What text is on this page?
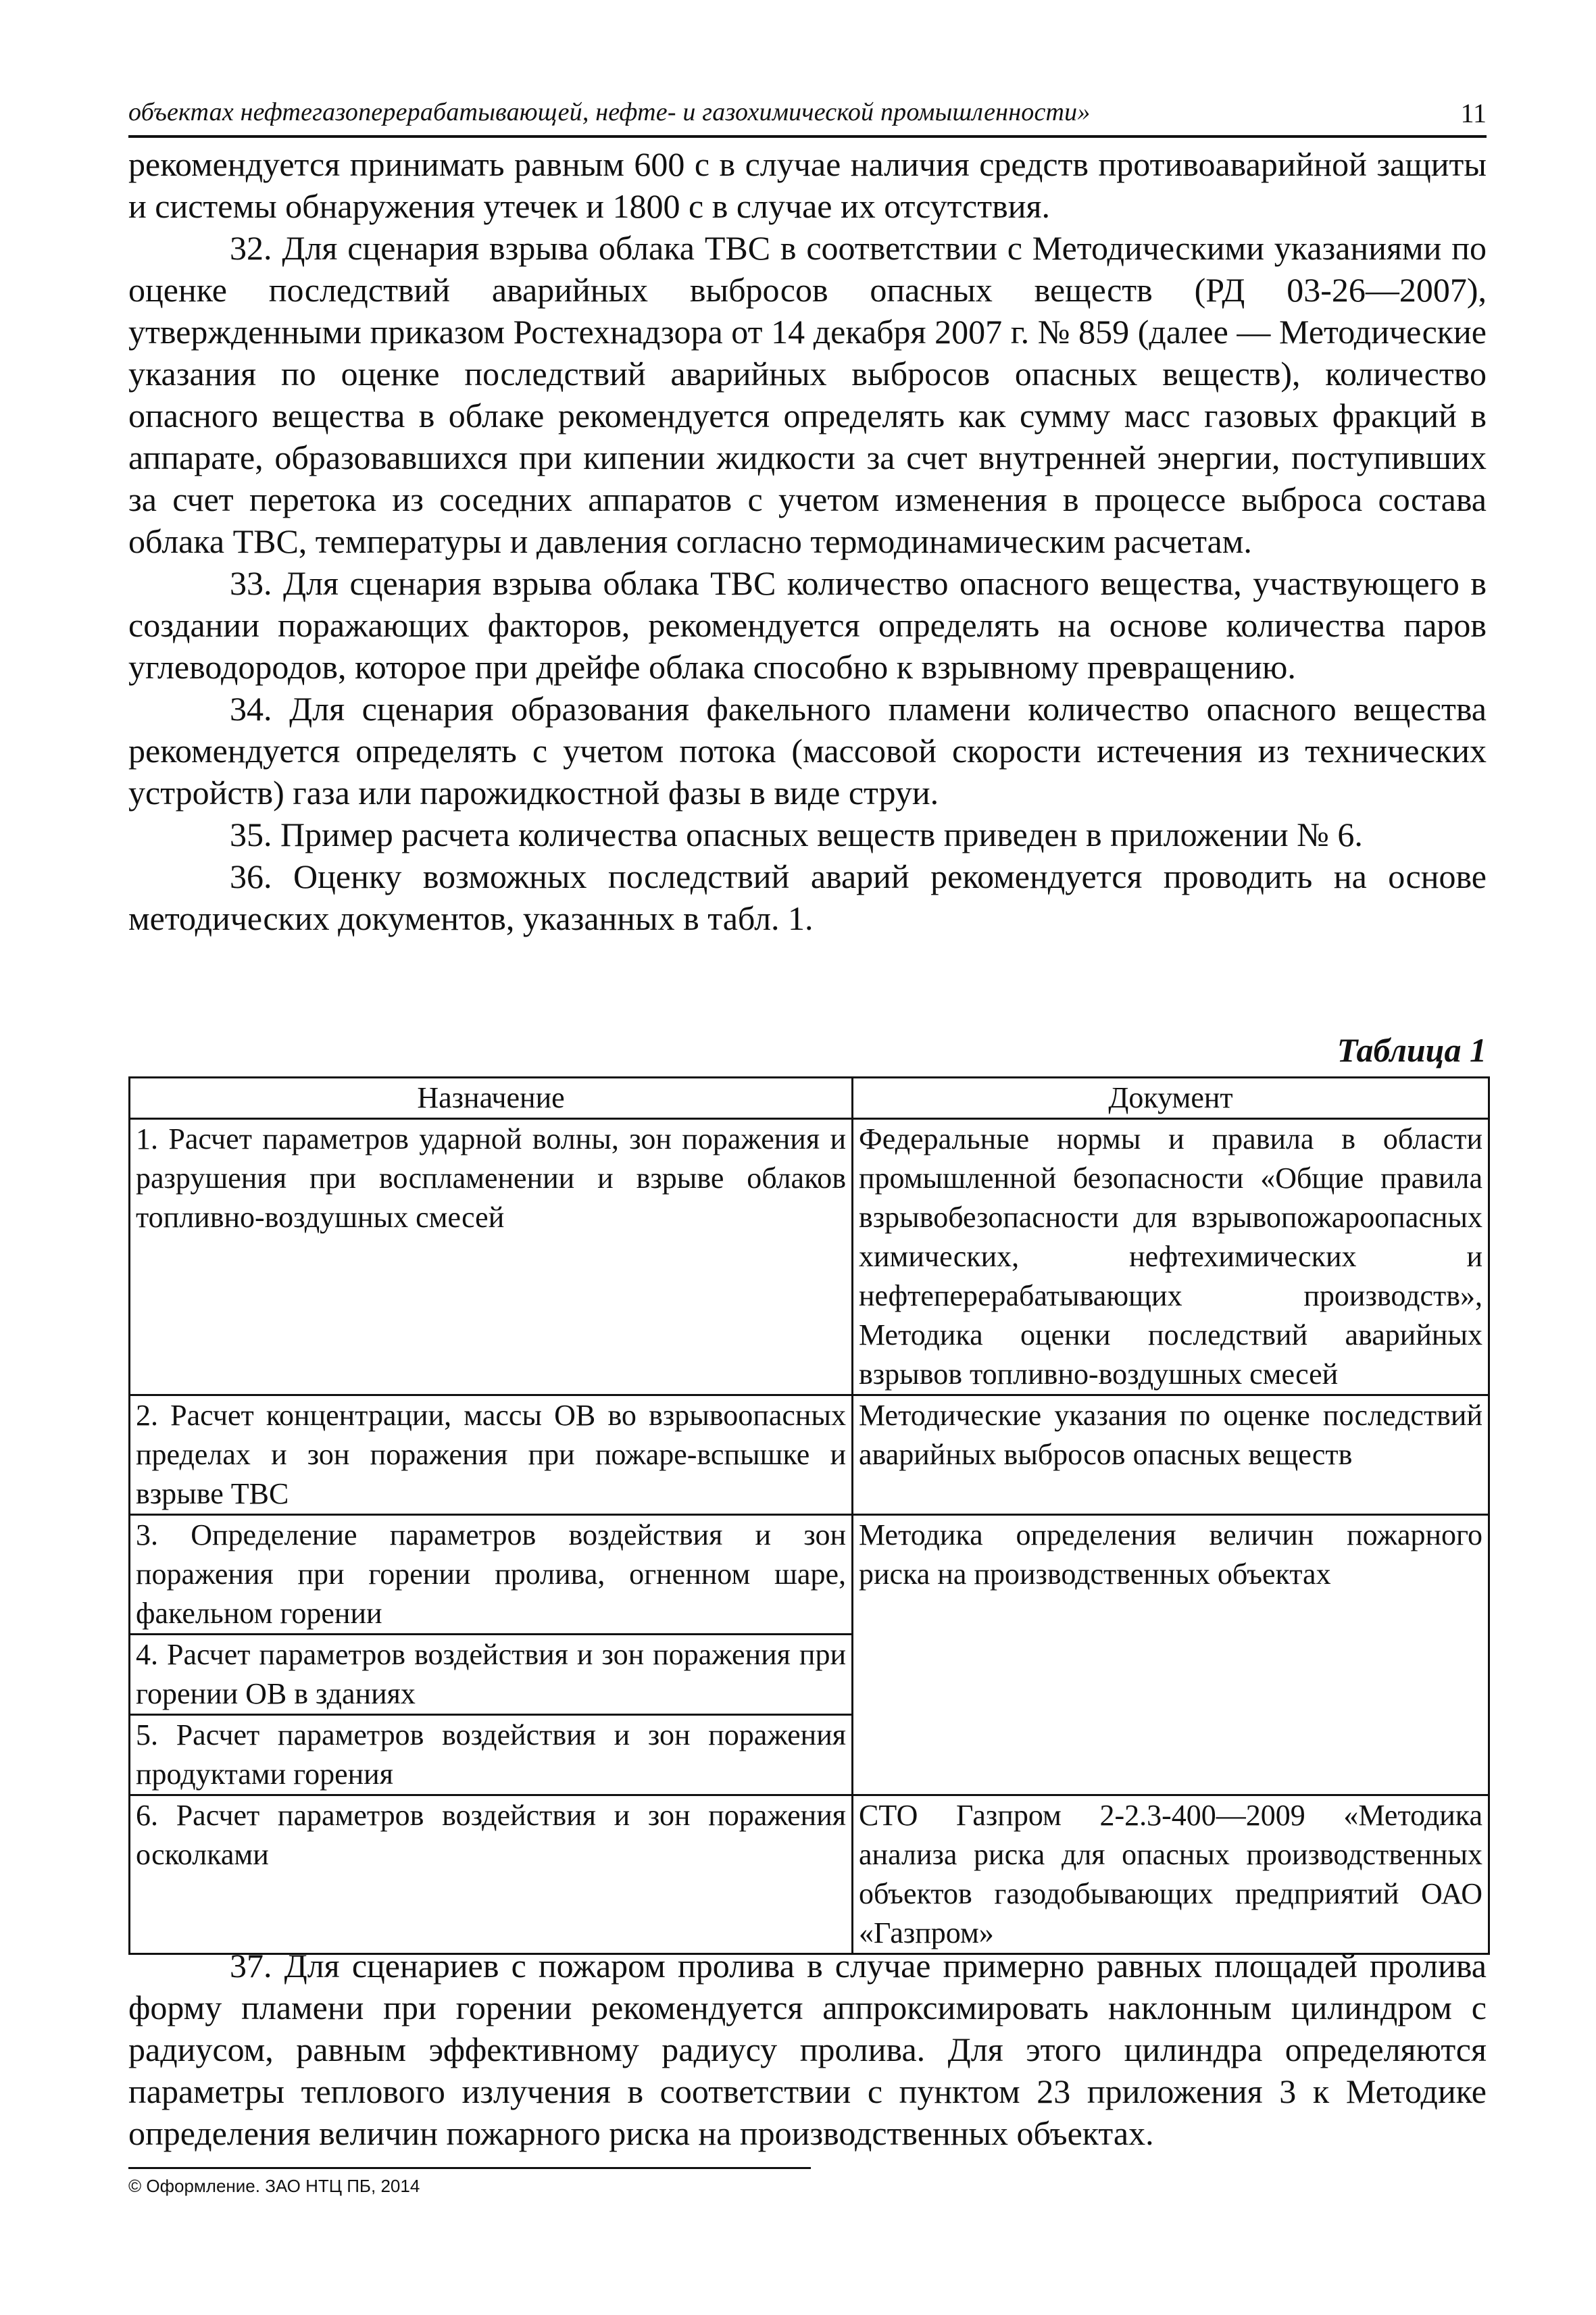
объектах нефтегазоперерабатывающей, нефте- и газохимической промышленности»	11

рекомендуется принимать равным 600 с в случае наличия средств противоаварийной защиты и системы обнаружения утечек и 1800 с в случае их отсутствия.

32. Для сценария взрыва облака ТВС в соответствии с Методическими указаниями по оценке последствий аварийных выбросов опасных веществ (РД 03-26—2007), утвержденными приказом Ростехнадзора от 14 декабря 2007 г. № 859 (далее — Методические указания по оценке последствий аварийных выбросов опасных веществ), количество опасного вещества в облаке рекомендуется определять как сумму масс газовых фракций в аппарате, образовавшихся при кипении жидкости за счет внутренней энергии, поступивших за счет перетока из соседних аппаратов с учетом изменения в процессе выброса состава облака ТВС, температуры и давления согласно термодинамическим расчетам.

33. Для сценария взрыва облака ТВС количество опасного вещества, участвующего в создании поражающих факторов, рекомендуется определять на основе количества паров углеводородов, которое при дрейфе облака способно к взрывному превращению.

34. Для сценария образования факельного пламени количество опасного вещества рекомендуется определять с учетом потока (массовой скорости истечения из технических устройств) газа или парожидкостной фазы в виде струи.

35. Пример расчета количества опасных веществ приведен в приложении № 6.

36. Оценку возможных последствий аварий рекомендуется проводить на основе методических документов, указанных в табл. 1.

Таблица 1
Назначение	Документ
1. Расчет параметров ударной волны, зон поражения и разрушения при воспламенении и взрыве облаков топливно-воздушных смесей	Федеральные нормы и правила в области промышленной безопасности «Общие правила взрывобезопасности для взрывопожароопасных химических, нефтехимических и нефтеперерабатывающих производств», Методика оценки последствий аварийных взрывов топливно-воздушных смесей
2. Расчет концентрации, массы ОВ во взрывоопасных пределах и зон поражения при пожаре-вспышке и взрыве ТВС	Методические указания по оценке последствий аварийных выбросов опасных веществ
3. Определение параметров воздействия и зон поражения при горении пролива, огненном шаре, факельном горении	Методика определения величин пожарного риска на производственных объектах
4. Расчет параметров воздействия и зон поражения при горении ОВ в зданиях	
5. Расчет параметров воздействия и зон поражения продуктами горения	
6. Расчет параметров воздействия и зон поражения осколками	СТО Газпром 2-2.3-400—2009 «Методика анализа риска для опасных производственных объектов газодобывающих предприятий ОАО «Газпром»

37. Для сценариев с пожаром пролива в случае примерно равных площадей пролива форму пламени при горении рекомендуется аппроксимировать наклонным цилиндром с радиусом, равным эффективному радиусу пролива. Для этого цилиндра определяются параметры теплового излучения в соответствии с пунктом 23 приложения 3 к Методике определения величин пожарного риска на производственных объектах.

© Оформление. ЗАО НТЦ ПБ, 2014
